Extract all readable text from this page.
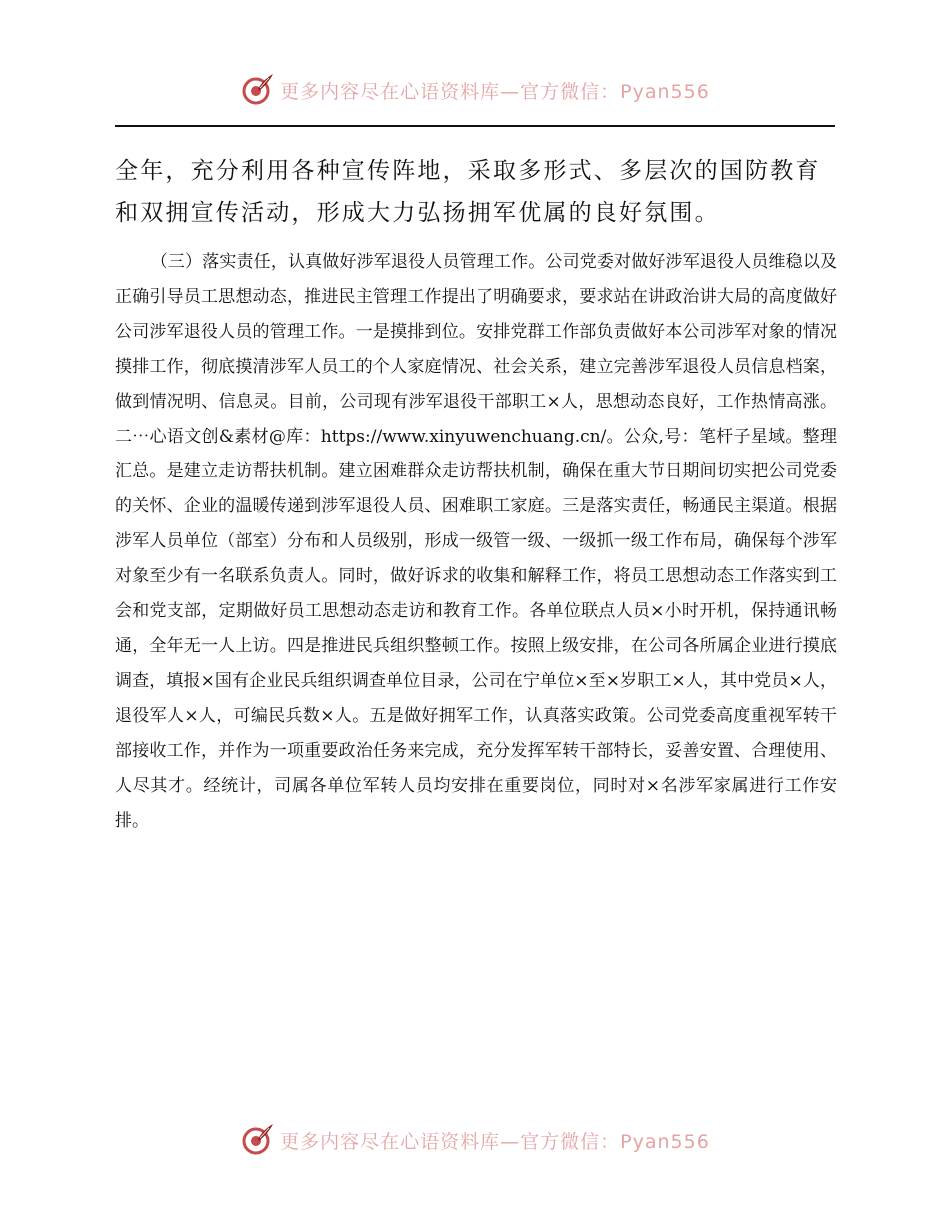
更多内容尽在心语资料库—官方微信：Pyan556

全年，充分利用各种宣传阵地，采取多形式、多层次的国防教育和双拥宣传活动，形成大力弘扬拥军优属的良好氛围。

（三）落实责任，认真做好涉军退役人员管理工作。公司党委对做好涉军退役人员维稳以及正确引导员工思想动态，推进民主管理工作提出了明确要求，要求站在讲政治讲大局的高度做好公司涉军退役人员的管理工作。一是摸排到位。安排党群工作部负责做好本公司涉军对象的情况摸排工作，彻底摸清涉军人员工的个人家庭情况、社会关系，建立完善涉军退役人员信息档案，做到情况明、信息灵。目前，公司现有涉军退役干部职工×人，思想动态良好，工作热情高涨。二⋯心语文创&素材@库：https://www.xinyuwenchuang.cn/。公众,号：笔杆子星域。整理汇总。是建立走访帮扶机制。建立困难群众走访帮扶机制，确保在重大节日期间切实把公司党委的关怀、企业的温暖传递到涉军退役人员、困难职工家庭。三是落实责任，畅通民主渠道。根据涉军人员单位（部室）分布和人员级别，形成一级管一级、一级抓一级工作布局，确保每个涉军对象至少有一名联系负责人。同时，做好诉求的收集和解释工作，将员工思想动态工作落实到工会和党支部，定期做好员工思想动态走访和教育工作。各单位联点人员×小时开机，保持通讯畅通，全年无一人上访。四是推进民兵组织整顿工作。按照上级安排，在公司各所属企业进行摸底调查，填报×国有企业民兵组织调查单位目录，公司在宁单位×至×岁职工×人，其中党员×人，退役军人×人，可编民兵数×人。五是做好拥军工作，认真落实政策。公司党委高度重视军转干部接收工作，并作为一项重要政治任务来完成，充分发挥军转干部特长，妥善安置、合理使用、人尽其才。经统计，司属各单位军转人员均安排在重要岗位，同时对×名涉军家属进行工作安排。

更多内容尽在心语资料库—官方微信：Pyan556
